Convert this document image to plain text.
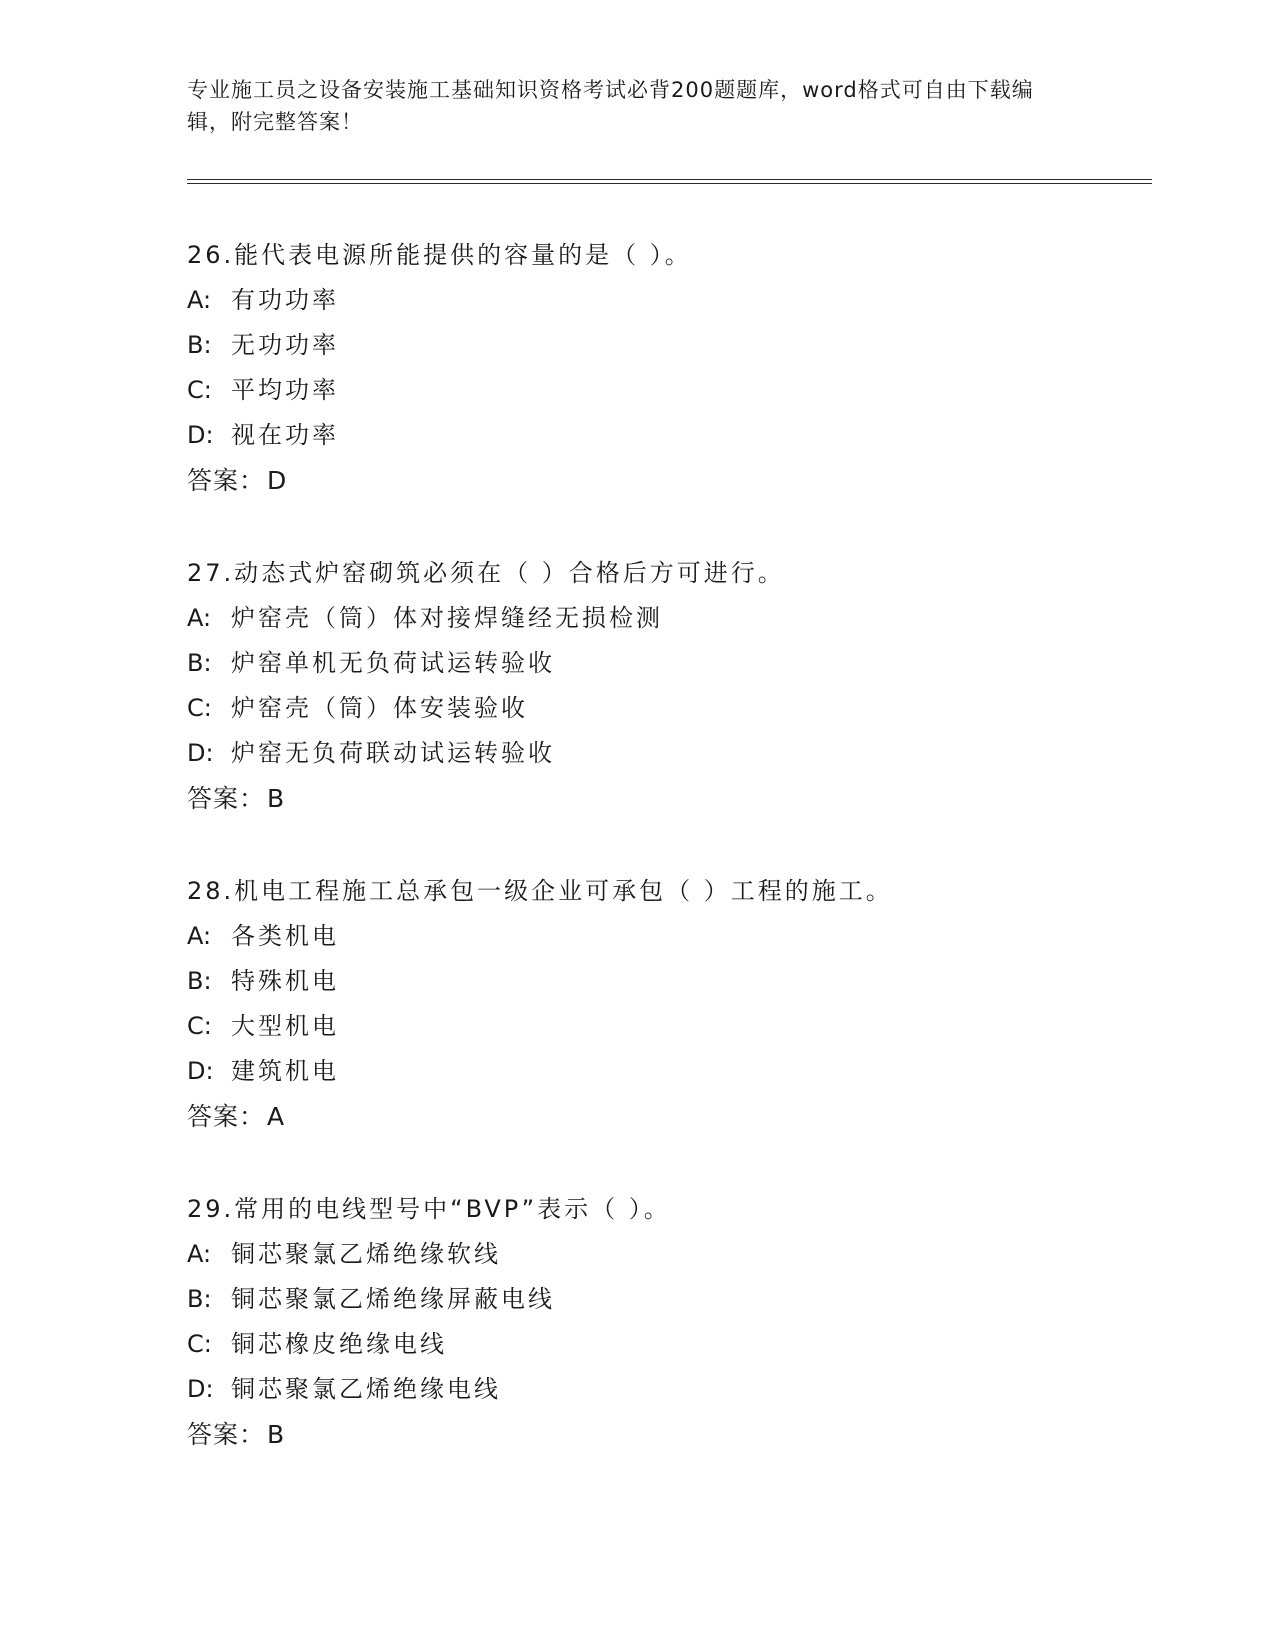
专业施工员之设备安装施工基础知识资格考试必背200题题库，word格式可自由下载编辑，附完整答案！
26.能代表电源所能提供的容量的是（ ）。
A: 有功功率
B: 无功功率
C: 平均功率
D: 视在功率
答案：D
27.动态式炉窑砌筑必须在（ ）合格后方可进行。
A: 炉窑壳（筒）体对接焊缝经无损检测
B: 炉窑单机无负荷试运转验收
C: 炉窑壳（筒）体安装验收
D: 炉窑无负荷联动试运转验收
答案：B
28.机电工程施工总承包一级企业可承包（ ）工程的施工。
A: 各类机电
B: 特殊机电
C: 大型机电
D: 建筑机电
答案：A
29.常用的电线型号中“BVP”表示（ ）。
A: 铜芯聚氯乙烯绝缘软线
B: 铜芯聚氯乙烯绝缘屏蔽电线
C: 铜芯橡皮绝缘电线
D: 铜芯聚氯乙烯绝缘电线
答案：B
